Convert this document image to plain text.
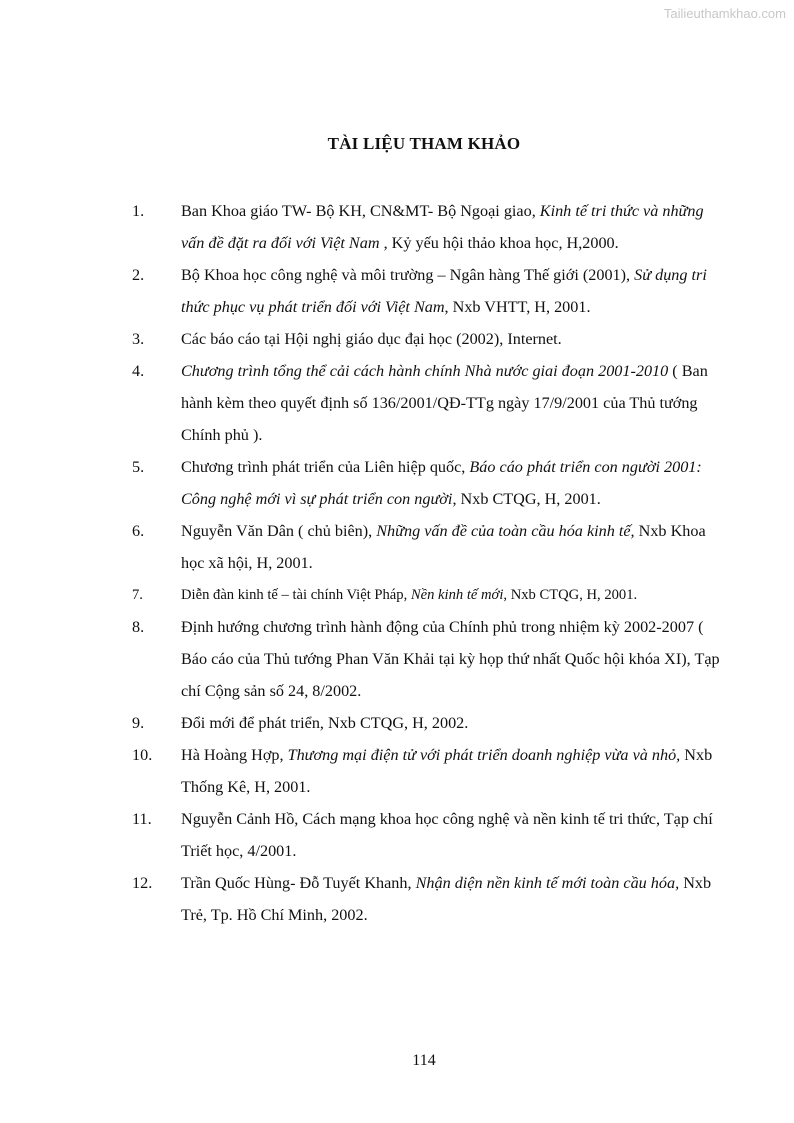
Tailieuthamkhao.com
TÀI LIỆU THAM KHẢO
1. Ban Khoa giáo TW- Bộ KH, CN&MT- Bộ Ngoại giao, Kinh tế tri thức và những vấn đề đặt ra đối với Việt Nam , Kỷ yếu hội thảo khoa học, H,2000.
2. Bộ Khoa học công nghệ và môi trường – Ngân hàng Thế giới (2001), Sử dụng tri thức phục vụ phát triển đối với Việt Nam, Nxb VHTT, H, 2001.
3. Các báo cáo tại Hội nghị giáo dục đại học (2002), Internet.
4. Chương trình tổng thể cải cách hành chính Nhà nước giai đoạn 2001-2010 ( Ban hành kèm theo quyết định số 136/2001/QĐ-TTg ngày 17/9/2001 của Thủ tướng Chính phủ ).
5. Chương trình phát triển của Liên hiệp quốc, Báo cáo phát triển con người 2001: Công nghệ mới vì sự phát triển con người, Nxb CTQG, H, 2001.
6. Nguyễn Văn Dân ( chủ biên), Những vấn đề của toàn cầu hóa kinh tế, Nxb Khoa học xã hội, H, 2001.
7.	Diễn đàn kinh tế – tài chính Việt Pháp, Nền kinh tế mới, Nxb CTQG, H, 2001.
8. Định hướng chương trình hành động của Chính phủ trong nhiệm kỳ 2002-2007 ( Báo cáo của Thủ tướng Phan Văn Khải tại kỳ họp thứ nhất Quốc hội khóa XI), Tạp chí Cộng sản số 24, 8/2002.
9. Đổi mới để phát triển, Nxb CTQG, H, 2002.
10. Hà Hoàng Hợp, Thương mại điện tử với phát triển doanh nghiệp vừa và nhỏ, Nxb Thống Kê, H, 2001.
11. Nguyễn Cảnh Hồ, Cách mạng khoa học công nghệ và nền kinh tế tri thức, Tạp chí Triết học, 4/2001.
12. Trần Quốc Hùng- Đỗ Tuyết Khanh, Nhận diện nền kinh tế mới toàn cầu hóa, Nxb Trẻ, Tp. Hồ Chí Minh, 2002.
114
